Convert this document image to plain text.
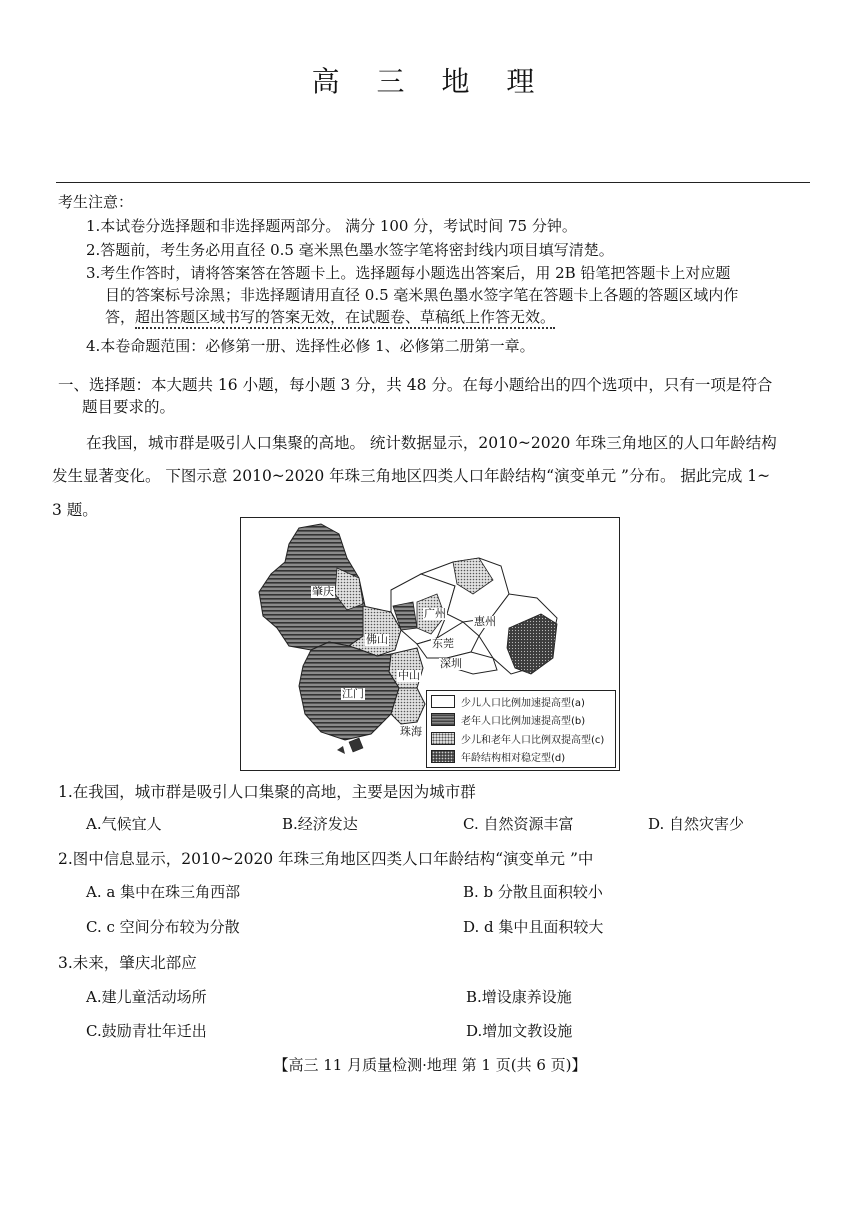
高 三 地 理
考生注意：
1.本试卷分选择题和非选择题两部分。 满分 100 分，考试时间 75 分钟。
2.答题前，考生务必用直径 0.5 毫米黑色墨水签字笔将密封线内项目填写清楚。
3.考生作答时，请将答案答在答题卡上。选择题每小题选出答案后，用 2B 铅笔把答题卡上对应题
目的答案标号涂黑；非选择题请用直径 0.5 毫米黑色墨水签字笔在答题卡上各题的答题区域内作
答，超出答题区域书写的答案无效，在试题卷、草稿纸上作答无效。
4.本卷命题范围：必修第一册、选择性必修 1、必修第二册第一章。
一、选择题：本大题共 16 小题，每小题 3 分，共 48 分。在每小题给出的四个选项中，只有一项是符合
题目要求的。
在我国，城市群是吸引人口集聚的高地。 统计数据显示，2010~2020 年珠三角地区的人口年龄结构
发生显著变化。 下图示意 2010~2020 年珠三角地区四类人口年龄结构“演变单元 ”分布。 据此完成 1~
3 题。
肇庆
广州
惠州
佛山	东莞
深圳
中山
江门
珠海
少儿人口比例加速提高型(a)
老年人口比例加速提高型(b)
少儿和老年人口比例双提高型(c)
年龄结构相对稳定型(d)
1.在我国，城市群是吸引人口集聚的高地，主要是因为城市群
A.气候宜人	B.经济发达	C. 自然资源丰富	D. 自然灾害少
2.图中信息显示，2010~2020 年珠三角地区四类人口年龄结构“演变单元 ”中
A. a 集中在珠三角西部	B. b 分散且面积较小
C. c 空间分布较为分散	D. d 集中且面积较大
3.未来，肇庆北部应
A.建儿童活动场所	B.增设康养设施
C.鼓励青壮年迁出	D.增加文教设施
【高三 11 月质量检测·地理 第 1 页(共 6 页)】
